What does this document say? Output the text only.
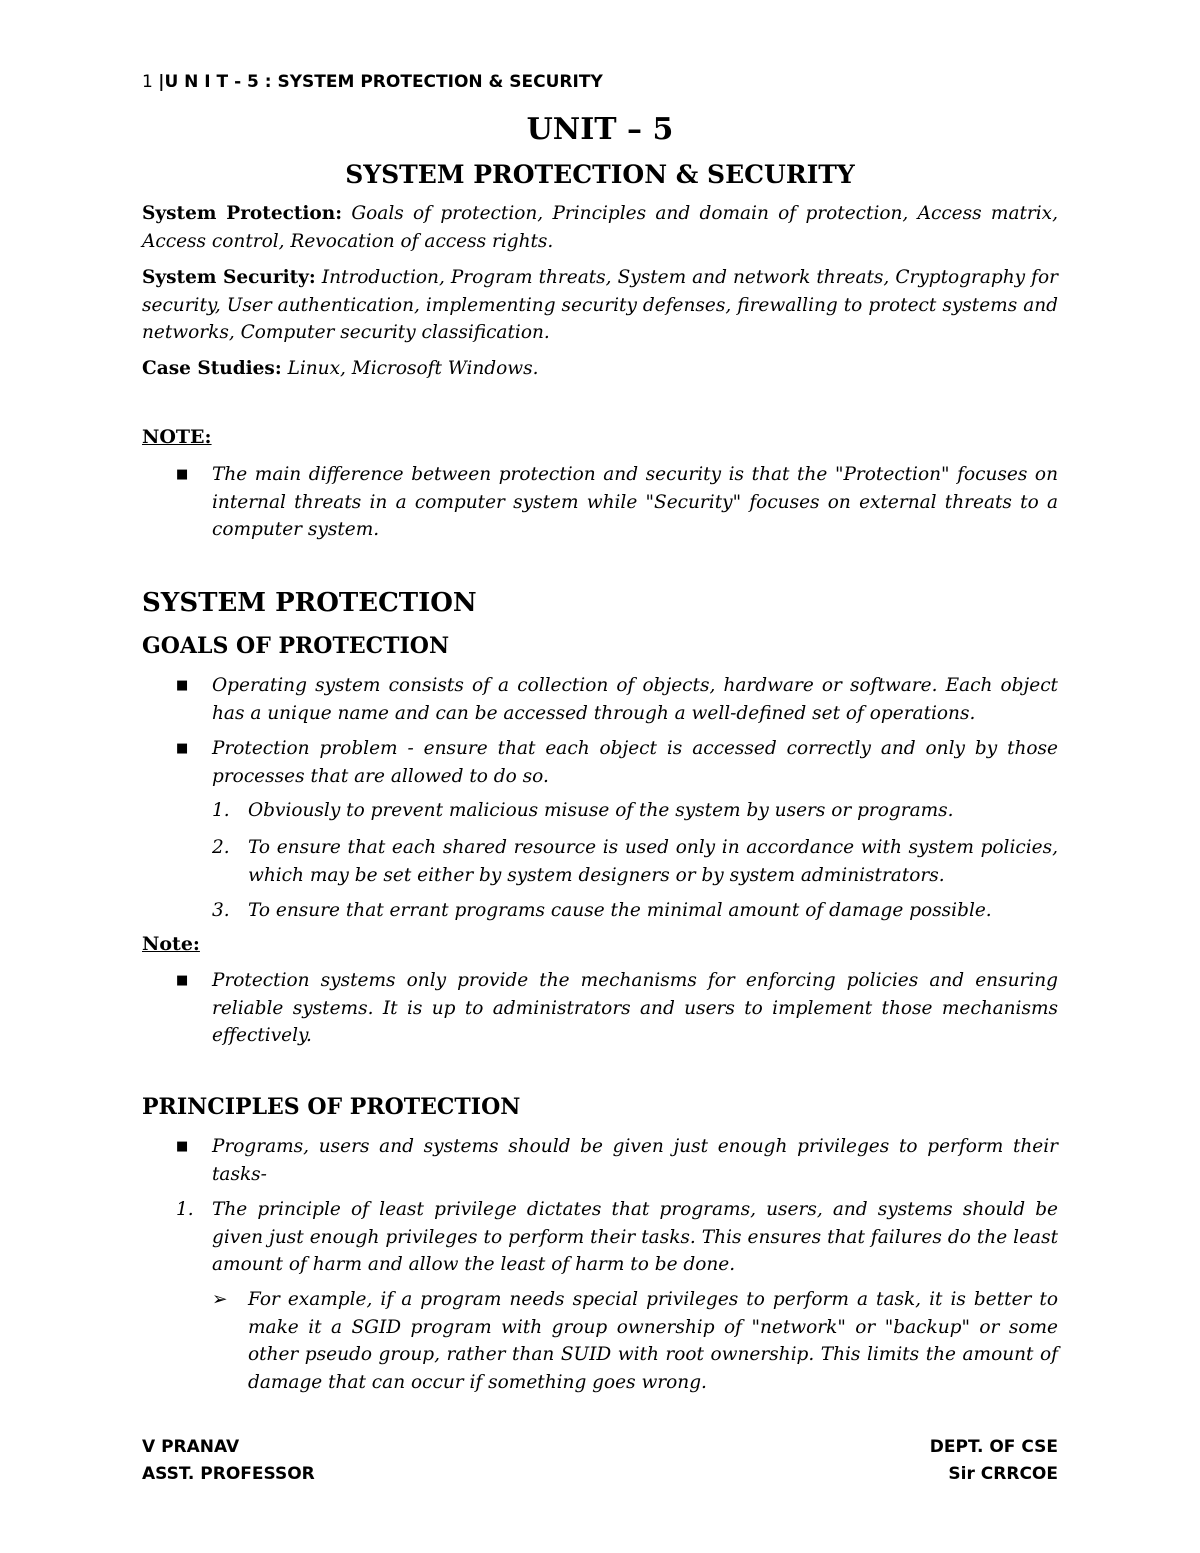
1 |U N I T - 5 : SYSTEM PROTECTION & SECURITY
UNIT – 5
SYSTEM PROTECTION & SECURITY
System Protection: Goals of protection, Principles and domain of protection, Access matrix, Access control, Revocation of access rights.
System Security: Introduction, Program threats, System and network threats, Cryptography for security, User authentication, implementing security defenses, firewalling to protect systems and networks, Computer security classification.
Case Studies: Linux, Microsoft Windows.
NOTE:
■ The main difference between protection and security is that the "Protection" focuses on internal threats in a computer system while "Security" focuses on external threats to a computer system.
SYSTEM PROTECTION
GOALS OF PROTECTION
■ Operating system consists of a collection of objects, hardware or software. Each object has a unique name and can be accessed through a well-defined set of operations.
■ Protection problem - ensure that each object is accessed correctly and only by those processes that are allowed to do so.
1. Obviously to prevent malicious misuse of the system by users or programs.
2. To ensure that each shared resource is used only in accordance with system policies, which may be set either by system designers or by system administrators.
3. To ensure that errant programs cause the minimal amount of damage possible.
Note:
■ Protection systems only provide the mechanisms for enforcing policies and ensuring reliable systems. It is up to administrators and users to implement those mechanisms effectively.
PRINCIPLES OF PROTECTION
■ Programs, users and systems should be given just enough privileges to perform their tasks-
1. The principle of least privilege dictates that programs, users, and systems should be given just enough privileges to perform their tasks. This ensures that failures do the least amount of harm and allow the least of harm to be done.
➢ For example, if a program needs special privileges to perform a task, it is better to make it a SGID program with group ownership of "network" or "backup" or some other pseudo group, rather than SUID with root ownership. This limits the amount of damage that can occur if something goes wrong.
V PRANAV
ASST. PROFESSOR
DEPT. OF CSE
Sir CRRCOE
